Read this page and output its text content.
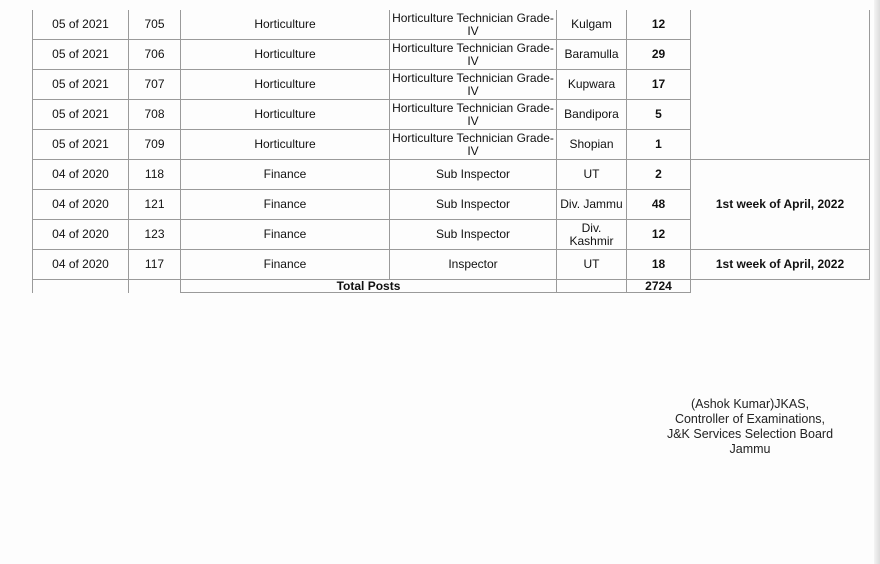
05 of 2021	705	Horticulture	Horticulture Technician Grade-IV	Kulgam	12	
05 of 2021	706	Horticulture	Horticulture Technician Grade-IV	Baramulla	29	
05 of 2021	707	Horticulture	Horticulture Technician Grade-IV	Kupwara	17	
05 of 2021	708	Horticulture	Horticulture Technician Grade-IV	Bandipora	5	
05 of 2021	709	Horticulture	Horticulture Technician Grade-IV	Shopian	1	
04 of 2020	118	Finance	Sub Inspector	UT	2	1st week of April, 2022
04 of 2020	121	Finance	Sub Inspector	Div. Jammu	48	
04 of 2020	123	Finance	Sub Inspector	Div. Kashmir	12	
04 of 2020	117	Finance	Inspector	UT	18	1st week of April, 2022
		Total Posts			2724	
(Ashok Kumar)JKAS,
Controller of Examinations,
J&K Services Selection Board
Jammu
